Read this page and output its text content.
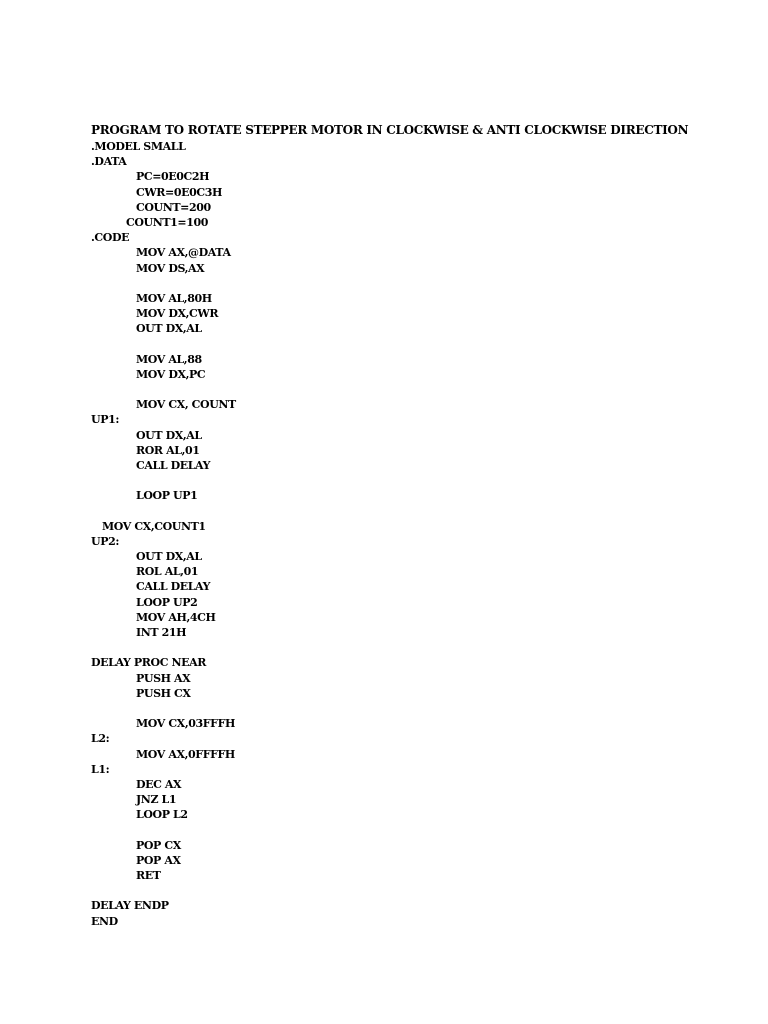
PROGRAM TO ROTATE STEPPER MOTOR IN CLOCKWISE & ANTI CLOCKWISE DIRECTION
.MODEL SMALL
.DATA
PC=0E0C2H
CWR=0E0C3H
COUNT=200
COUNT1=100
.CODE
MOV AX,@DATA
MOV DS,AX

MOV AL,80H
MOV DX,CWR
OUT DX,AL

MOV AL,88
MOV DX,PC

MOV CX, COUNT
UP1:
OUT DX,AL
ROR AL,01
CALL DELAY

LOOP UP1

MOV CX,COUNT1
UP2:
OUT DX,AL
ROL AL,01
CALL DELAY
LOOP UP2
MOV AH,4CH
INT 21H

DELAY PROC NEAR
PUSH AX
PUSH CX

MOV CX,03FFFH
L2:
MOV AX,0FFFFH
L1:
DEC AX
JNZ L1
LOOP L2

POP CX
POP AX
RET

DELAY ENDP
END
